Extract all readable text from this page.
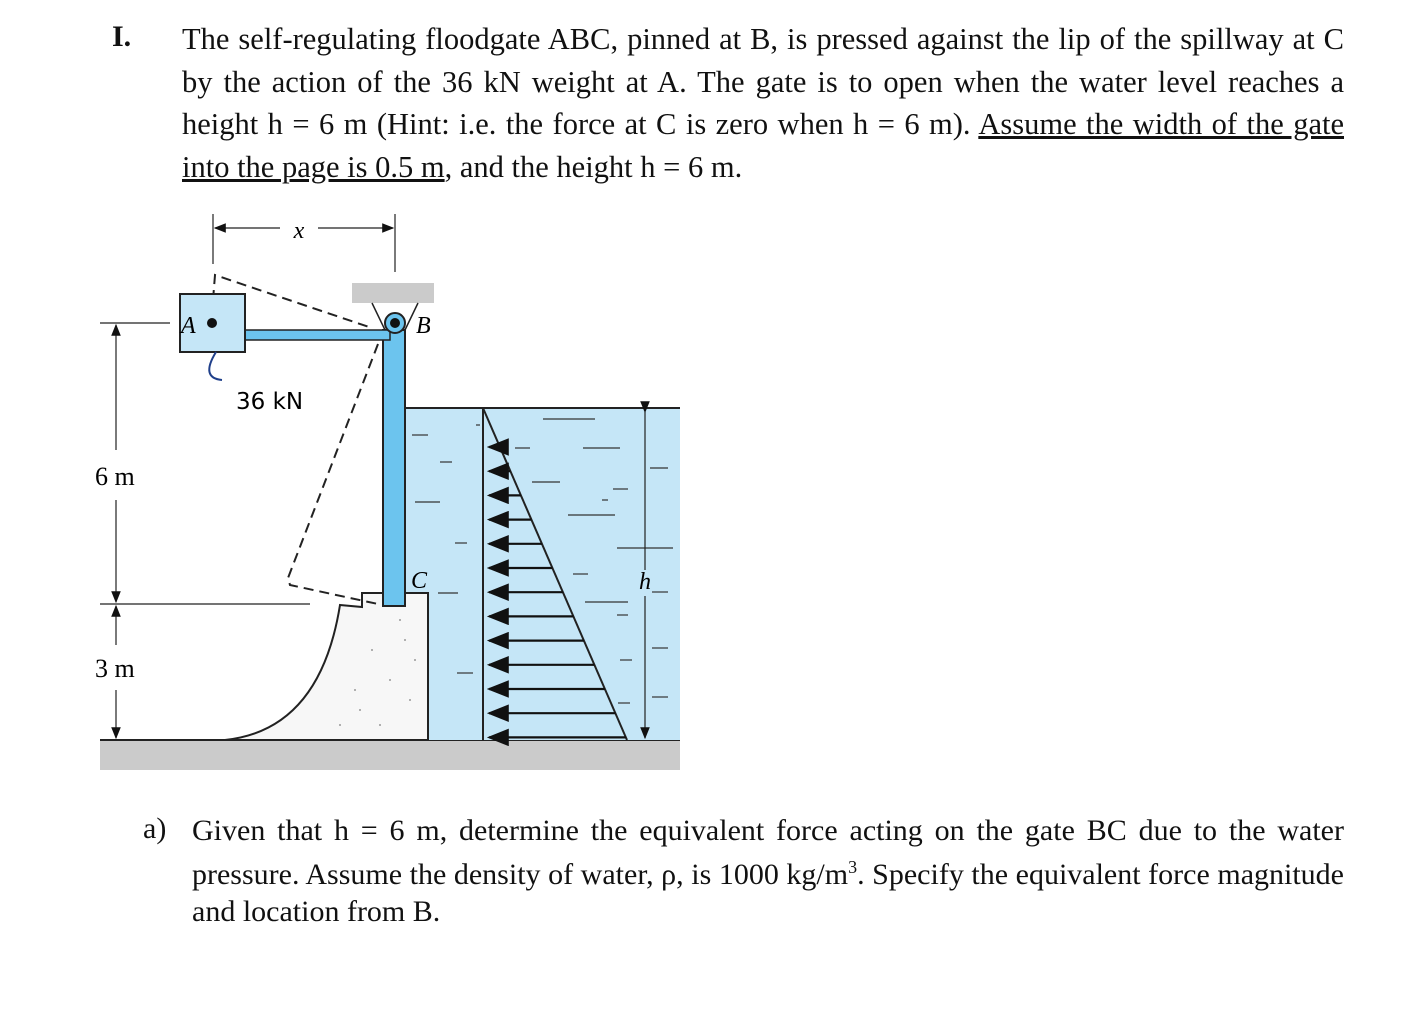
I. The self-regulating floodgate ABC, pinned at B, is pressed against the lip of the spillway at C by the action of the 36 kN weight at A. The gate is to open when the water level reaches a height h = 6 m (Hint: i.e. the force at C is zero when h = 6 m). Assume the width of the gate into the page is 0.5 m, and the height h = 6 m.
h
A	B
C
36 kN
x
6 m
3 m
a) Given that h = 6 m, determine the equivalent force acting on the gate BC due to the water pressure. Assume the density of water, ρ, is 1000 $kg/m^3$. Specify the equivalent force magnitude and location from B.
